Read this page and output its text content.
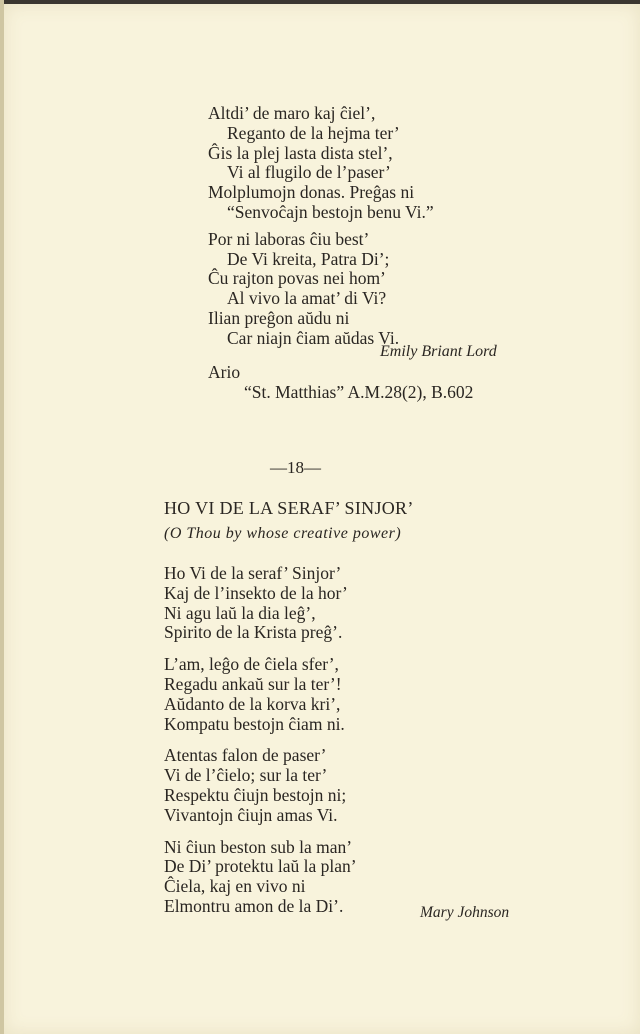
Altdi’ de maro kaj ĉiel’,
Reganto de la hejma ter’
Ĝis la plej lasta dista stel’,
Vi al flugilo de l’paser’
Molplumojn donas. Preĝas ni
“Senvoĉajn bestojn benu Vi.”
Por ni laboras ĉiu best’
De Vi kreita, Patra Di’;
Ĉu rajton povas nei hom’
Al vivo la amat’ di Vi?
Ilian preĝon aŭdu ni
Car niajn ĉiam aŭdas Vi.
Emily Briant Lord
Ario
“St. Matthias” A.M.28(2), B.602
—18—
HO VI DE LA SERAF’ SINJOR’
(O Thou by whose creative power)
Ho Vi de la seraf’ Sinjor’
Kaj de l’insekto de la hor’
Ni agu laŭ la dia leĝ’,
Spirito de la Krista preĝ’.
L’am, leĝo de ĉiela sfer’,
Regadu ankaŭ sur la ter’!
Aŭdanto de la korva kri’,
Kompatu bestojn ĉiam ni.
Atentas falon de paser’
Vi de l’ĉielo; sur la ter’
Respektu ĉiujn bestojn ni;
Vivantojn ĉiujn amas Vi.
Ni ĉiun beston sub la man’
De Di’ protektu laŭ la plan’
Ĉiela, kaj en vivo ni
Elmontru amon de la Di’.	Mary Johnson
